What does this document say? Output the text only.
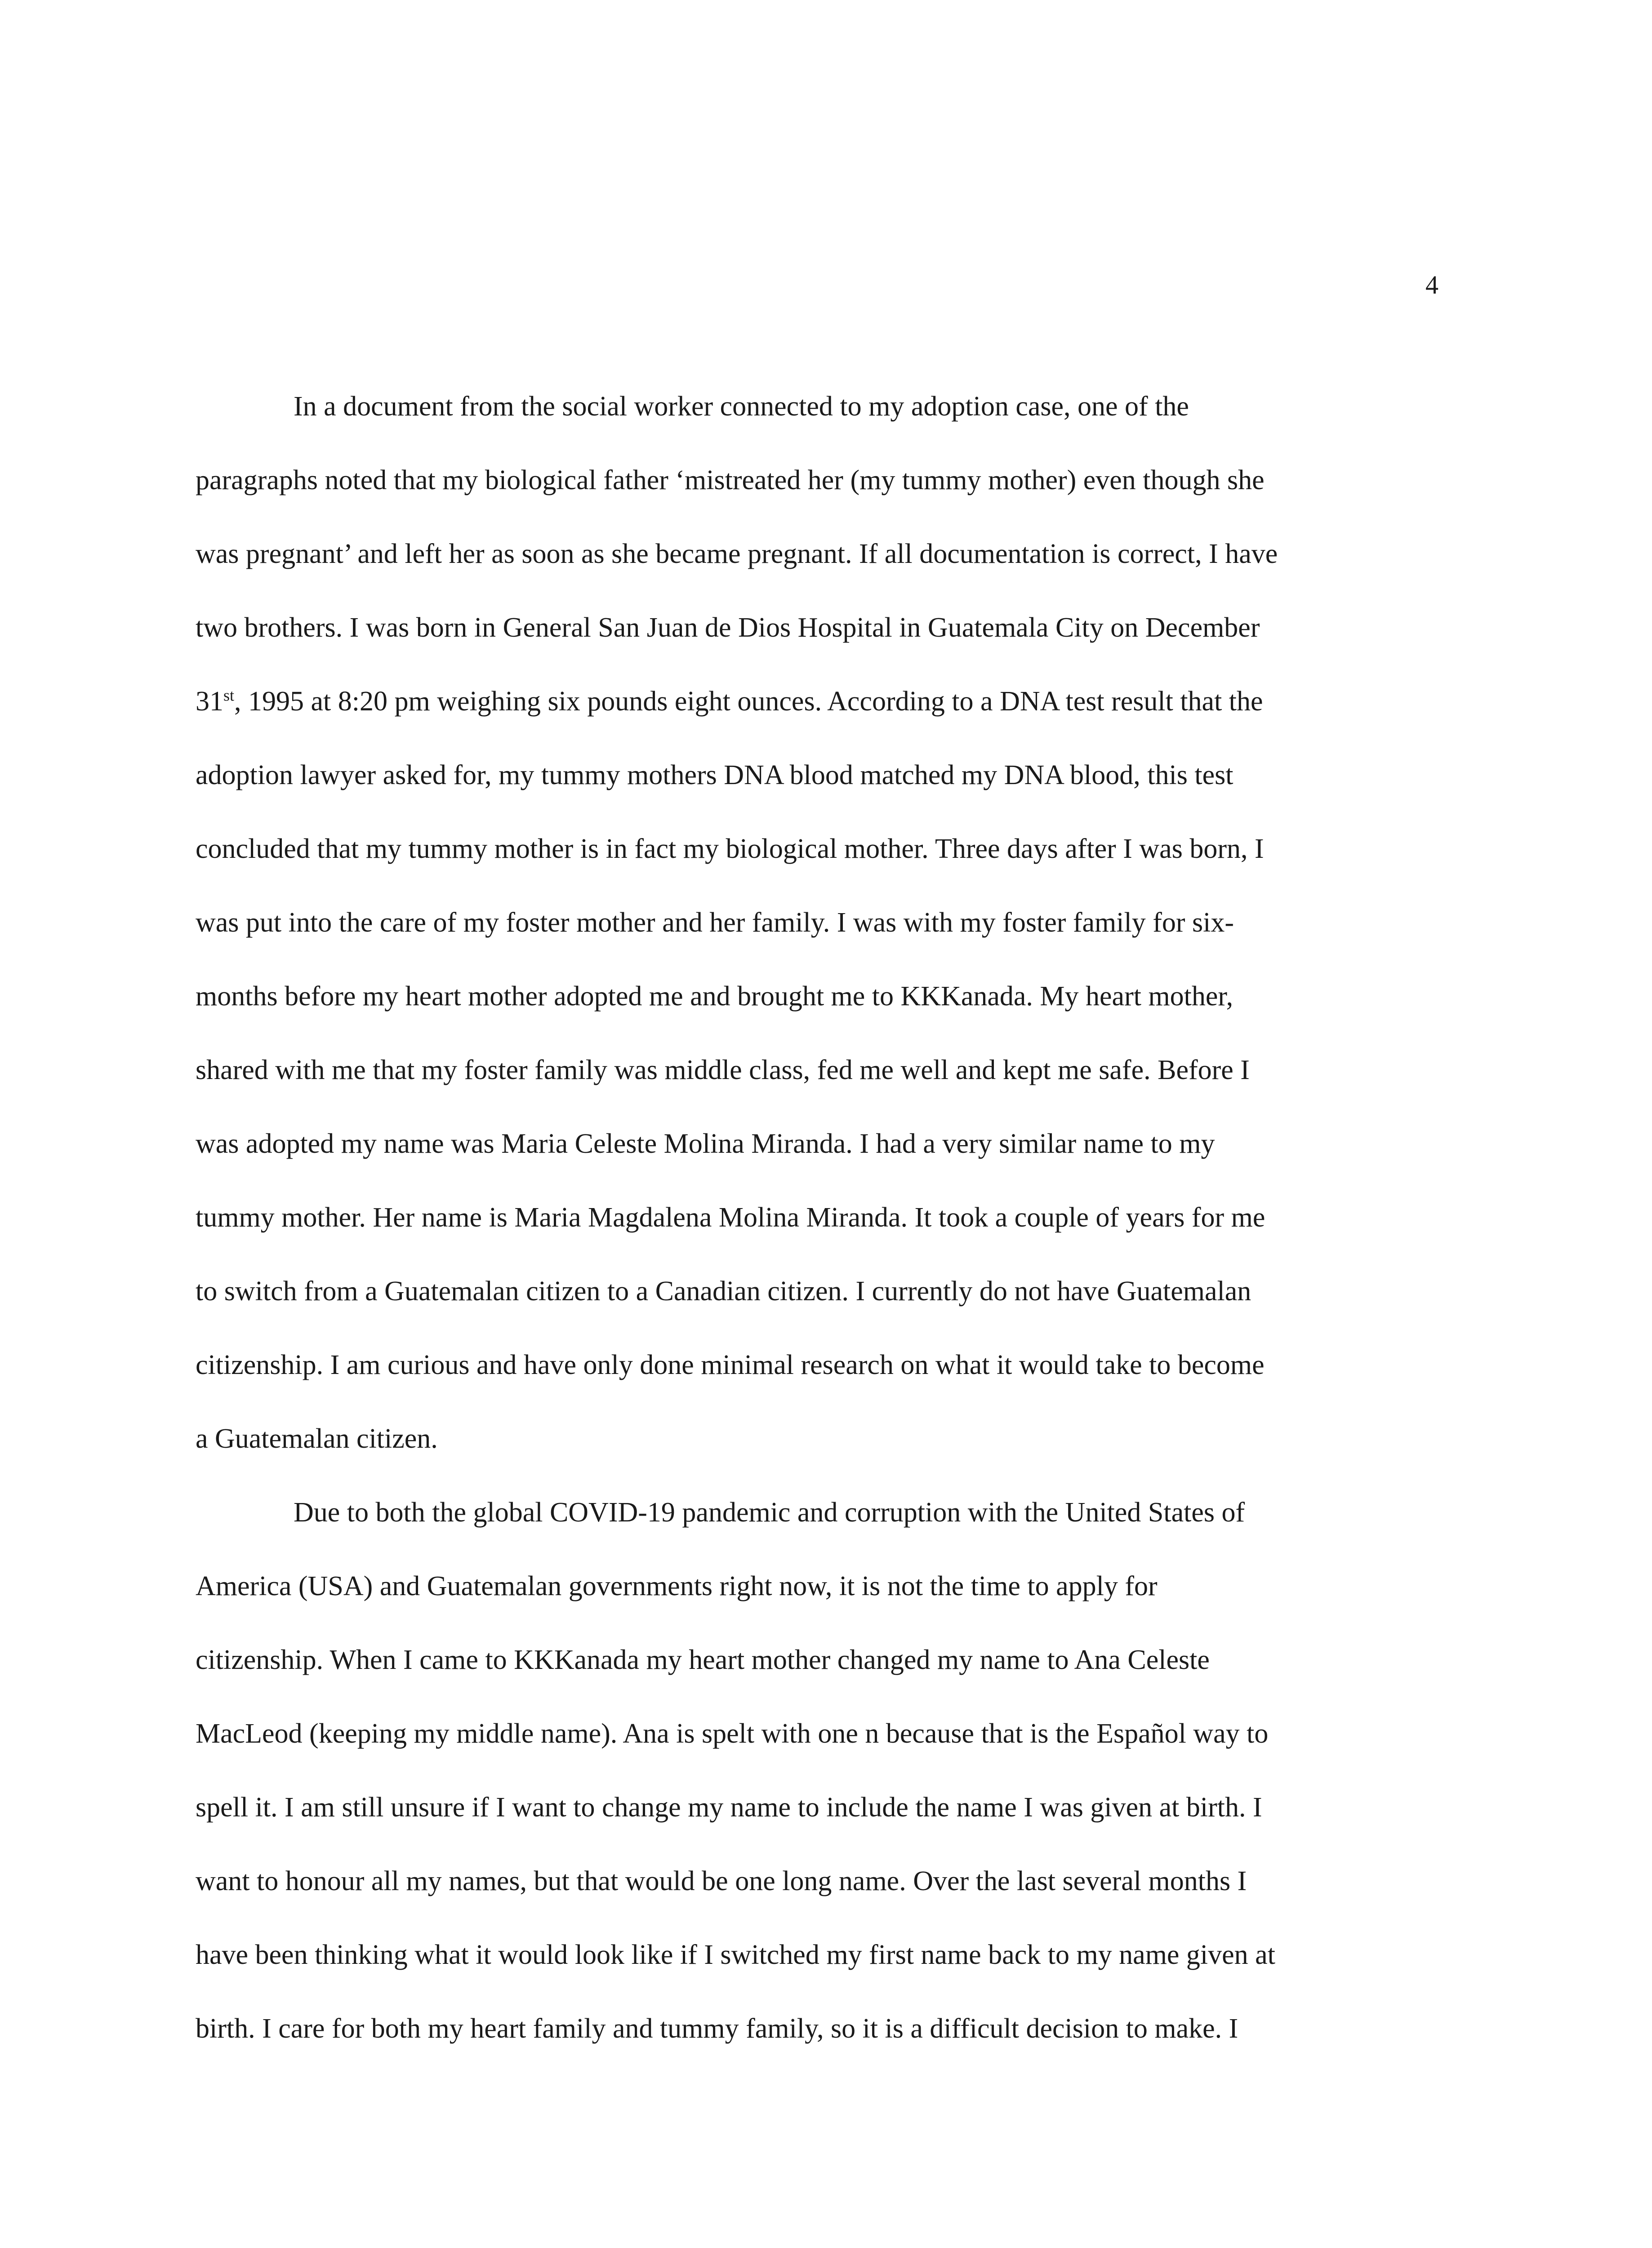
4
In a document from the social worker connected to my adoption case, one of the
paragraphs noted that my biological father ‘mistreated her (my tummy mother) even though she
was pregnant’ and left her as soon as she became pregnant. If all documentation is correct, I have
two brothers. I was born in General San Juan de Dios Hospital in Guatemala City on December
31st, 1995 at 8:20 pm weighing six pounds eight ounces. According to a DNA test result that the
adoption lawyer asked for, my tummy mothers DNA blood matched my DNA blood, this test
concluded that my tummy mother is in fact my biological mother. Three days after I was born, I
was put into the care of my foster mother and her family. I was with my foster family for six-
months before my heart mother adopted me and brought me to KKKanada. My heart mother,
shared with me that my foster family was middle class, fed me well and kept me safe. Before I
was adopted my name was Maria Celeste Molina Miranda. I had a very similar name to my
tummy mother. Her name is Maria Magdalena Molina Miranda. It took a couple of years for me
to switch from a Guatemalan citizen to a Canadian citizen. I currently do not have Guatemalan
citizenship. I am curious and have only done minimal research on what it would take to become
a Guatemalan citizen.
Due to both the global COVID-19 pandemic and corruption with the United States of
America (USA) and Guatemalan governments right now, it is not the time to apply for
citizenship. When I came to KKKanada my heart mother changed my name to Ana Celeste
MacLeod (keeping my middle name). Ana is spelt with one n because that is the Español way to
spell it. I am still unsure if I want to change my name to include the name I was given at birth. I
want to honour all my names, but that would be one long name. Over the last several months I
have been thinking what it would look like if I switched my first name back to my name given at
birth. I care for both my heart family and tummy family, so it is a difficult decision to make. I
